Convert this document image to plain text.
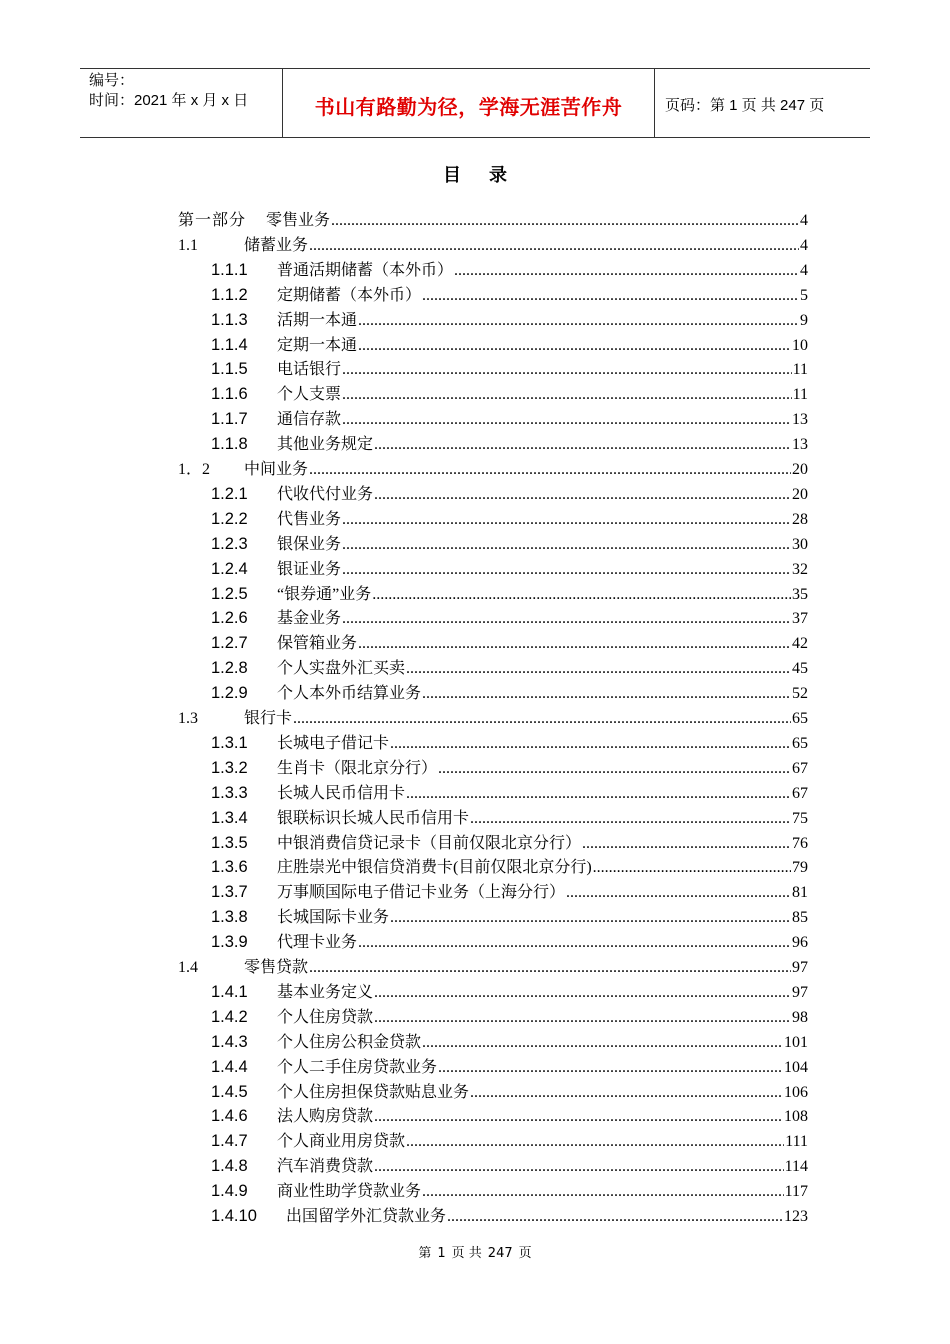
编号：
时间：2021 年 x 月 x 日	书山有路勤为径，学海无涯苦作舟	页码：第 1 页 共 247 页
目录
第一部分	零售业务 .....	4
1.1	储蓄业务 .....	4
1.1.1	普通活期储蓄（本外币） .....	4
1.1.2	定期储蓄（本外币） .....	5
1.1.3	活期一本通 .....	9
1.1.4	定期一本通 .....	10
1.1.5	电话银行 .....	11
1.1.6	个人支票 .....	11
1.1.7	通信存款 .....	13
1.1.8	其他业务规定 .....	13
1．2	中间业务 .....	20
1.2.1	代收代付业务 .....	20
1.2.2	代售业务 .....	28
1.2.3	银保业务 .....	30
1.2.4	银证业务 .....	32
1.2.5	“银券通”业务 .....	35
1.2.6	基金业务 .....	37
1.2.7	保管箱业务 .....	42
1.2.8	个人实盘外汇买卖 .....	45
1.2.9	个人本外币结算业务 .....	52
1.3	银行卡 .....	65
1.3.1	长城电子借记卡 .....	65
1.3.2	生肖卡（限北京分行） .....	67
1.3.3	长城人民币信用卡 .....	67
1.3.4	银联标识长城人民币信用卡 .....	75
1.3.5	中银消费信贷记录卡（目前仅限北京分行） .....	76
1.3.6	庄胜崇光中银信贷消费卡(目前仅限北京分行) .....	79
1.3.7	万事顺国际电子借记卡业务（上海分行） .....	81
1.3.8	长城国际卡业务 .....	85
1.3.9	代理卡业务 .....	96
1.4	零售贷款 .....	97
1.4.1	基本业务定义 .....	97
1.4.2	个人住房贷款 .....	98
1.4.3	个人住房公积金贷款 .....	101
1.4.4	个人二手住房贷款业务 .....	104
1.4.5	个人住房担保贷款贴息业务 .....	106
1.4.6	法人购房贷款 .....	108
1.4.7	个人商业用房贷款 .....	111
1.4.8	汽车消费贷款 .....	114
1.4.9	商业性助学贷款业务 .....	117
1.4.10	出国留学外汇贷款业务 .....	123
第 1 页 共 247 页
